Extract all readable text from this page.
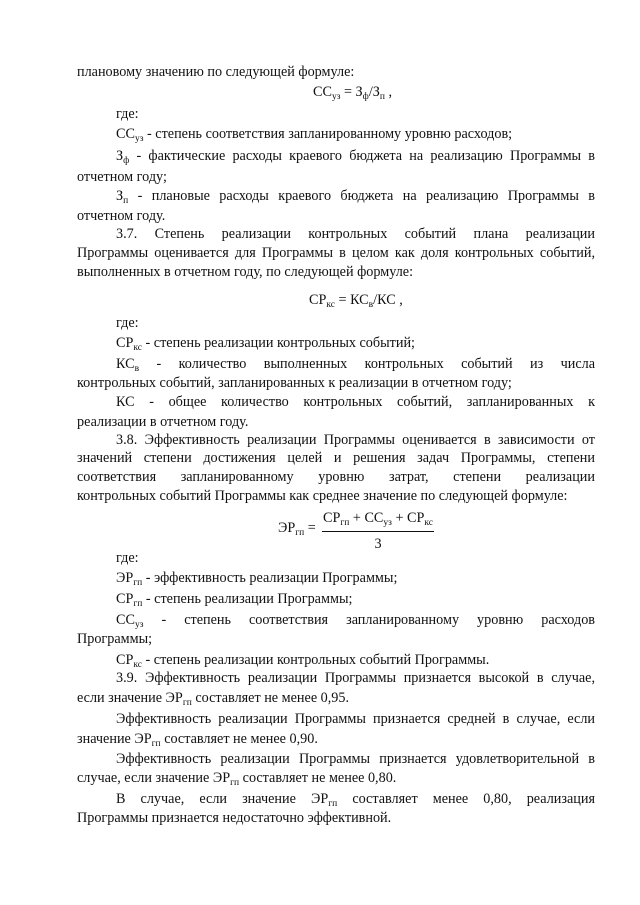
плановому значению по следующей формуле:
$СС_{уз} = З_ф/З_п$ ,
где:
$СС_{уз}$ - степень соответствия запланированному уровню расходов;
$З_ф$ - фактические расходы краевого бюджета на реализацию Программы в
отчетном году;
$З_п$ - плановые расходы краевого бюджета на реализацию Программы в
отчетном году.
3.7. Степень реализации контрольных событий плана реализации
Программы оценивается для Программы в целом как доля контрольных событий,
выполненных в отчетном году, по следующей формуле:
$СР_{кс} = КС_в/КС$ ,
где:
$СР_{кс}$ - степень реализации контрольных событий;
$КС_в$ - количество выполненных контрольных событий из числа
контрольных событий, запланированных к реализации в отчетном году;
КС - общее количество контрольных событий, запланированных к
реализации в отчетном году.
3.8. Эффективность реализации Программы оценивается в зависимости от
значений степени достижения целей и решения задач Программы, степени
соответствия запланированному уровню затрат, степени реализации
контрольных событий Программы как среднее значение по следующей формуле:
$ЭР_{гп}$ =
$СР_{гп} + СС_{уз} + СР_{кс}$
3
где:
$ЭР_{гп}$ - эффективность реализации Программы;
$СР_{гп}$ - степень реализации Программы;
$СС_{уз}$ - степень соответствия запланированному уровню расходов
Программы;
$СР_{кс}$ - степень реализации контрольных событий Программы.
3.9. Эффективность реализации Программы признается высокой в случае,
если значение $ЭР_{гп}$ составляет не менее 0,95.
Эффективность реализации Программы признается средней в случае, если
значение $ЭР_{гп}$ составляет не менее 0,90.
Эффективность реализации Программы признается удовлетворительной в
случае, если значение $ЭР_{гп}$ составляет не менее 0,80.
В случае, если значение $ЭР_{гп}$ составляет менее 0,80, реализация
Программы признается недостаточно эффективной.
